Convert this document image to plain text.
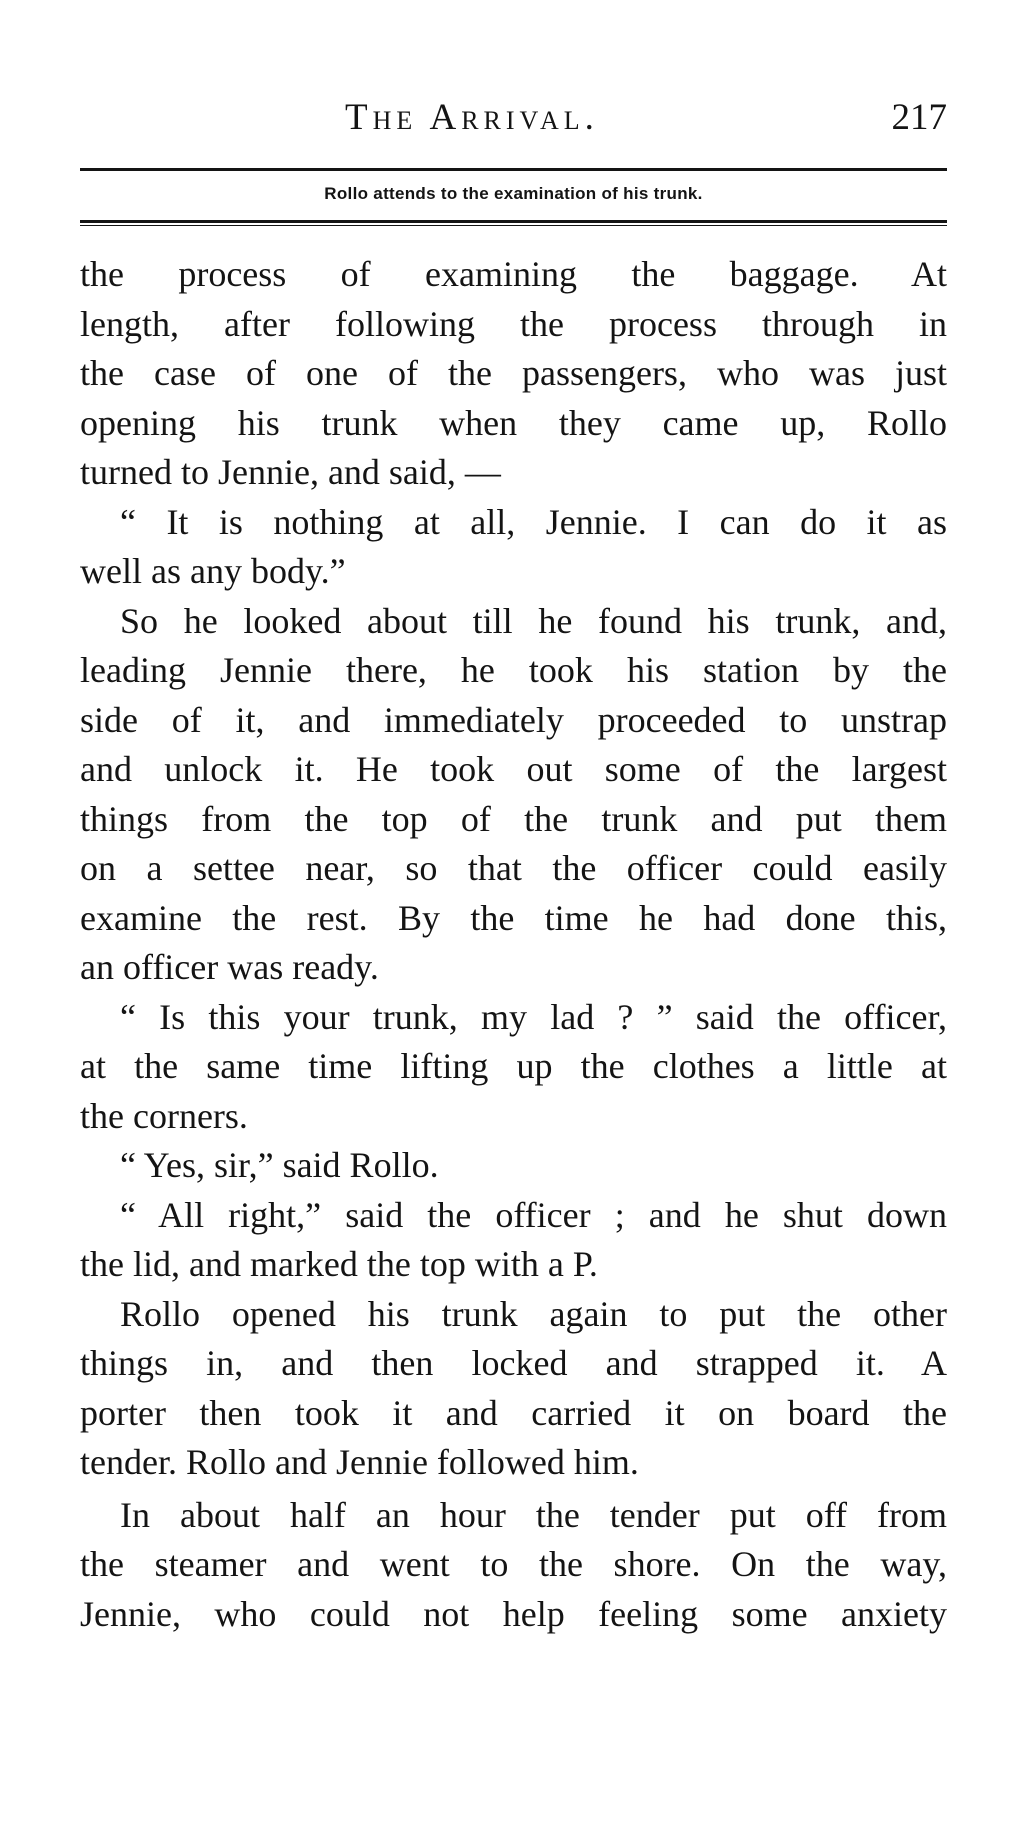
The Arrival.	217
Rollo attends to the examination of his trunk.
the process of examining the baggage. At
length, after following the process through in
the case of one of the passengers, who was just
opening his trunk when they came up, Rollo
turned to Jennie, and said, —
“ It is nothing at all, Jennie. I can do it as
well as any body.”
So he looked about till he found his trunk, and,
leading Jennie there, he took his station by the
side of it, and immediately proceeded to unstrap
and unlock it. He took out some of the largest
things from the top of the trunk and put them
on a settee near, so that the officer could easily
examine the rest. By the time he had done this,
an officer was ready.
“ Is this your trunk, my lad ? ” said the officer,
at the same time lifting up the clothes a little at
the corners.
“ Yes, sir,” said Rollo.
“ All right,” said the officer ; and he shut down
the lid, and marked the top with a P.
Rollo opened his trunk again to put the other
things in, and then locked and strapped it. A
porter then took it and carried it on board the
tender. Rollo and Jennie followed him.
In about half an hour the tender put off from
the steamer and went to the shore. On the way,
Jennie, who could not help feeling some anxiety
